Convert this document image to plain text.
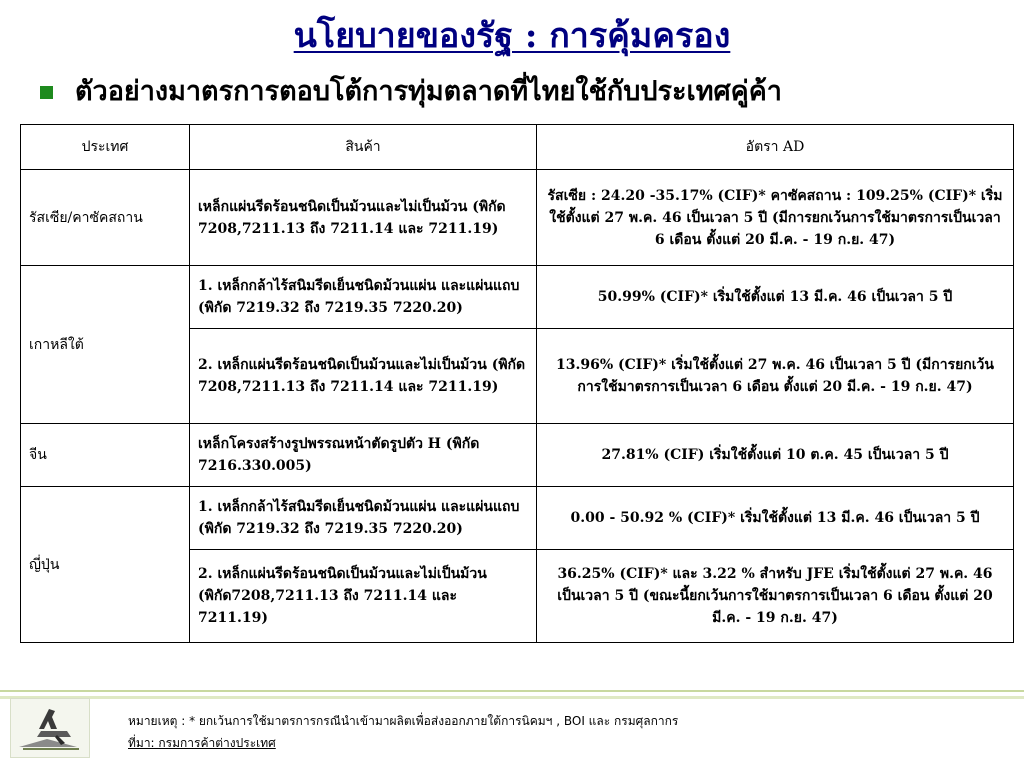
นโยบายของรัฐ : การคุ้มครอง
ตัวอย่างมาตรการตอบโต้การทุ่มตลาดที่ไทยใช้กับประเทศคู่ค้า
ประเทศ	สินค้า	อัตรา AD
รัสเซีย/คาซัคสถาน	เหล็กแผ่นรีดร้อนชนิดเป็นม้วนและไม่เป็นม้วน (พิกัด 7208,7211.13 ถึง 7211.14 และ 7211.19)	รัสเซีย : 24.20 -35.17% (CIF)* คาซัคสถาน : 109.25% (CIF)* เริ่มใช้ตั้งแต่ 27 พ.ค. 46 เป็นเวลา 5 ปี (มีการยกเว้นการใช้มาตรการเป็นเวลา 6 เดือน ตั้งแต่ 20 มี.ค. - 19 ก.ย. 47)
เกาหลีใต้	1. เหล็กกล้าไร้สนิมรีดเย็นชนิดม้วนแผ่น และแผ่นแถบ (พิกัด 7219.32 ถึง 7219.35 7220.20)	50.99% (CIF)* เริ่มใช้ตั้งแต่ 13 มี.ค. 46 เป็นเวลา 5 ปี
	2. เหล็กแผ่นรีดร้อนชนิดเป็นม้วนและไม่เป็นม้วน (พิกัด 7208,7211.13 ถึง 7211.14 และ 7211.19)	13.96% (CIF)* เริ่มใช้ตั้งแต่ 27 พ.ค. 46 เป็นเวลา 5 ปี (มีการยกเว้นการใช้มาตรการเป็นเวลา 6 เดือน ตั้งแต่ 20 มี.ค. - 19 ก.ย. 47)
จีน	เหล็กโครงสร้างรูปพรรณหน้าตัดรูปตัว H (พิกัด 7216.330.005)	27.81% (CIF) เริ่มใช้ตั้งแต่ 10 ต.ค. 45 เป็นเวลา 5 ปี
ญี่ปุ่น	1. เหล็กกล้าไร้สนิมรีดเย็นชนิดม้วนแผ่น และแผ่นแถบ (พิกัด 7219.32 ถึง 7219.35 7220.20)	0.00 - 50.92 % (CIF)* เริ่มใช้ตั้งแต่ 13 มี.ค. 46 เป็นเวลา 5 ปี
	2. เหล็กแผ่นรีดร้อนชนิดเป็นม้วนและไม่เป็นม้วน (พิกัด7208,7211.13 ถึง 7211.14 และ 7211.19)	36.25% (CIF)* และ 3.22 % สำหรับ JFE เริ่มใช้ตั้งแต่ 27 พ.ค. 46 เป็นเวลา 5 ปี (ขณะนี้ยกเว้นการใช้มาตรการเป็นเวลา 6 เดือน ตั้งแต่ 20 มี.ค. - 19 ก.ย. 47)
หมายเหตุ : * ยกเว้นการใช้มาตรการกรณีนำเข้ามาผลิตเพื่อส่งออกภายใต้การนิคมฯ , BOI และ กรมศุลกากร
ที่มา: กรมการค้าต่างประเทศ
